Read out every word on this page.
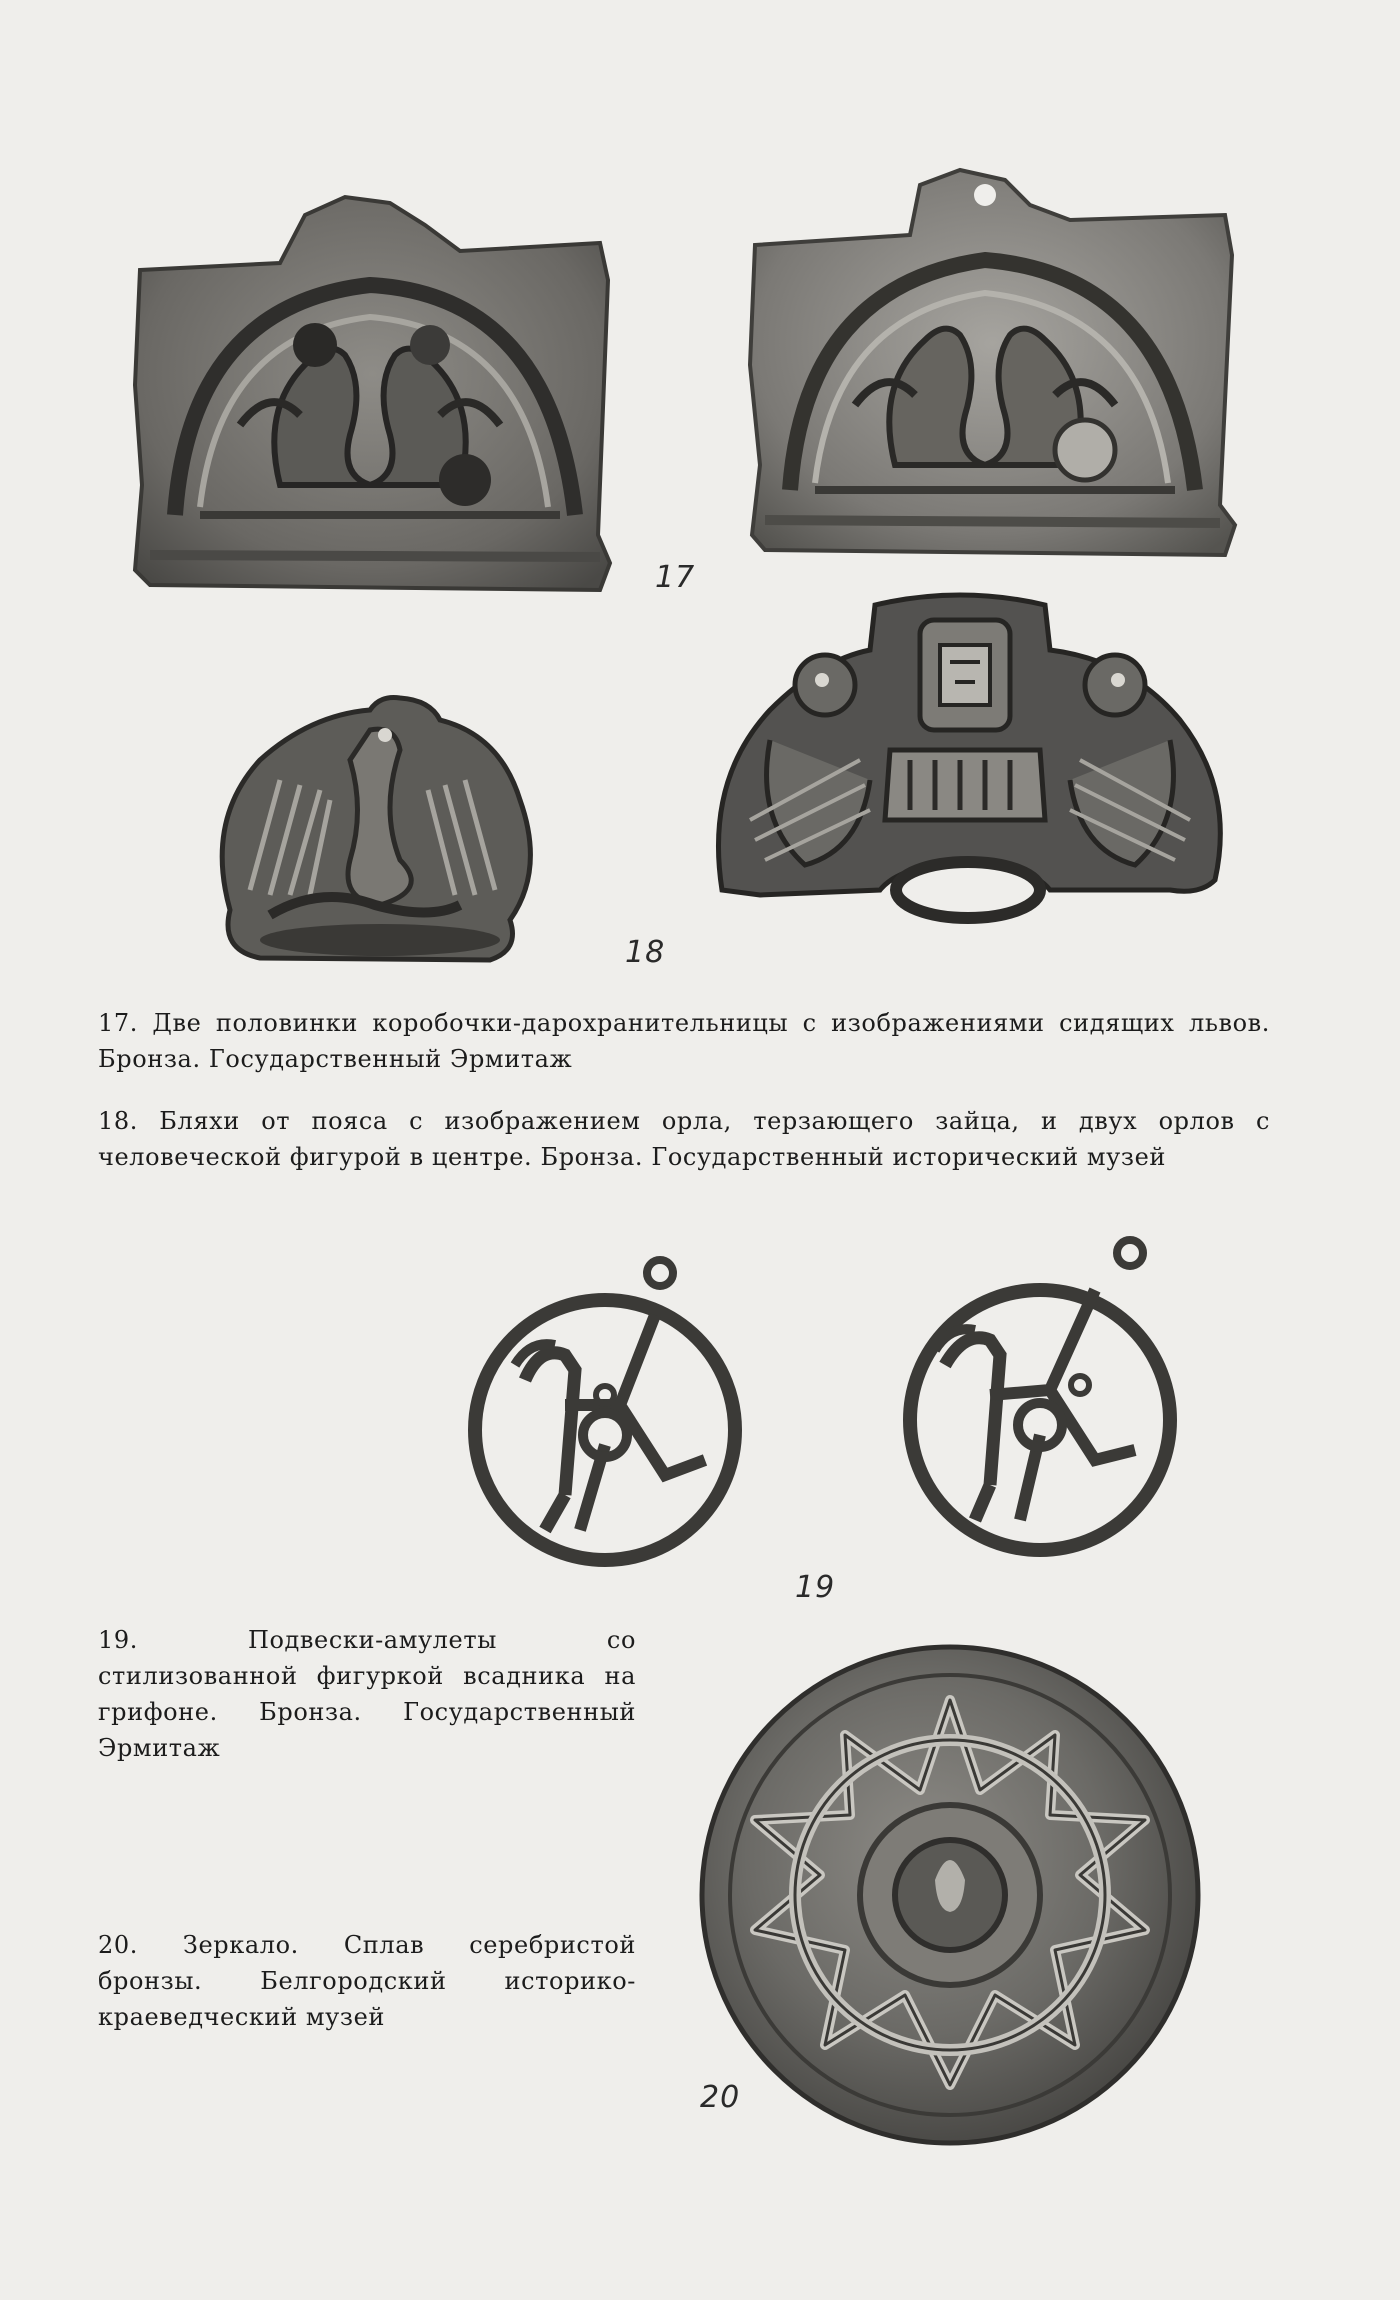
17
18

17. Две половинки коробочки-дарохранительницы с изображениями сидящих львов. Бронза. Государственный Эрмитаж

18. Бляхи от пояса с изображением орла, терзающего зайца, и двух орлов с человеческой фигурой в центре. Бронза. Государственный исторический музей

19

19. Подвески-амулеты со стилизованной фигуркой всадника на грифоне. Бронза. Государственный Эрмитаж

20. Зеркало. Сплав серебристой бронзы. Белгородский историко-краеведческий музей

20
